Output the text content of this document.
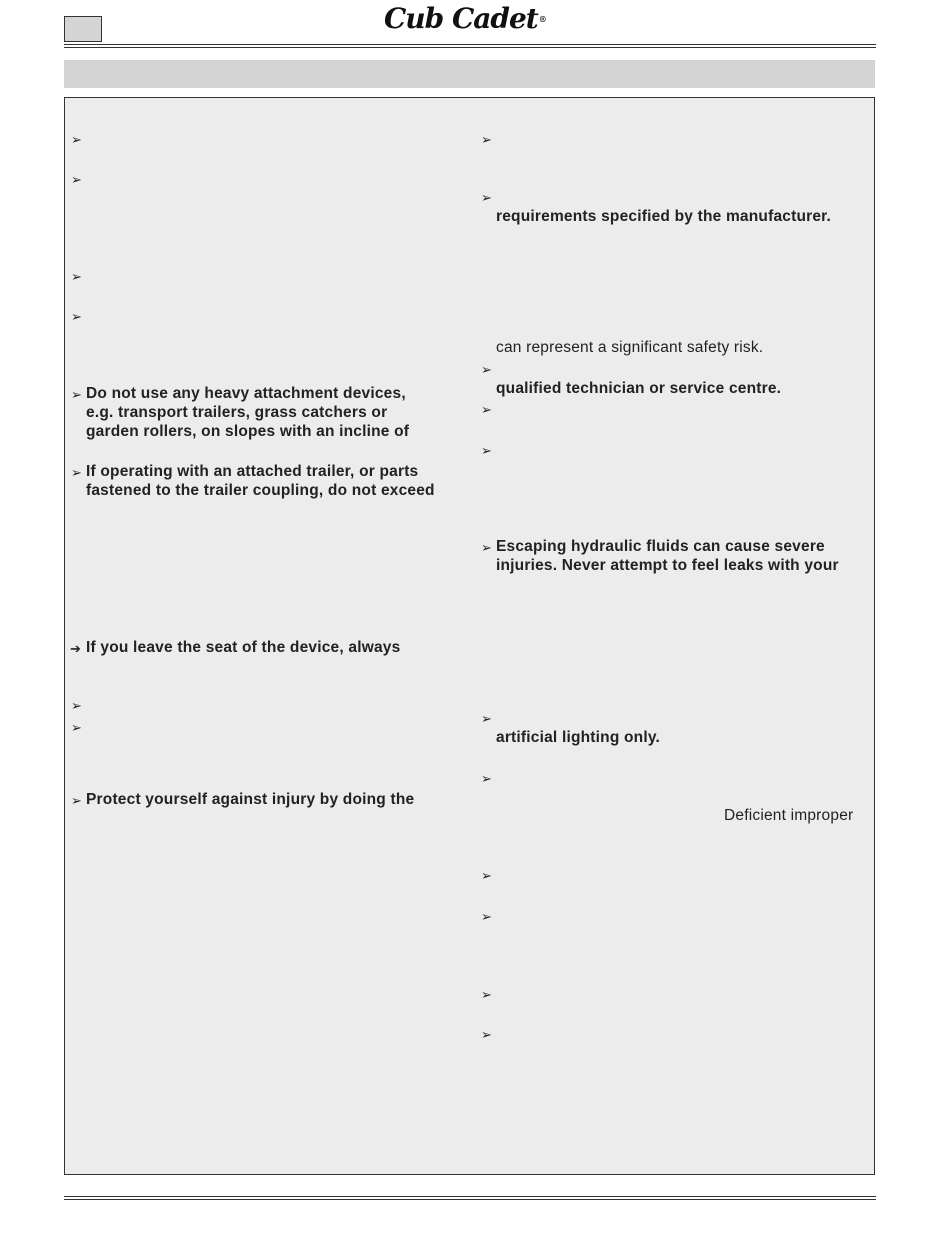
Cub Cadet®
➢
➢
➢
➢
➢ Do not use any heavy attachment devices,
e.g. transport trailers, grass catchers or
garden rollers, on slopes with an incline of
➢ If operating with an attached trailer, or parts
fastened to the trailer coupling, do not exceed
➔ If you leave the seat of the device, always
➢
➢
➢ Protect yourself against injury by doing the
➢
➢
requirements specified by the manufacturer.
can represent a significant safety risk.
➢
qualified technician or service centre.
➢
➢
➢ Escaping hydraulic fluids can cause severe
injuries. Never attempt to feel leaks with your
➢
artificial lighting only.
➢
Deficient improper
➢
➢
➢
➢
